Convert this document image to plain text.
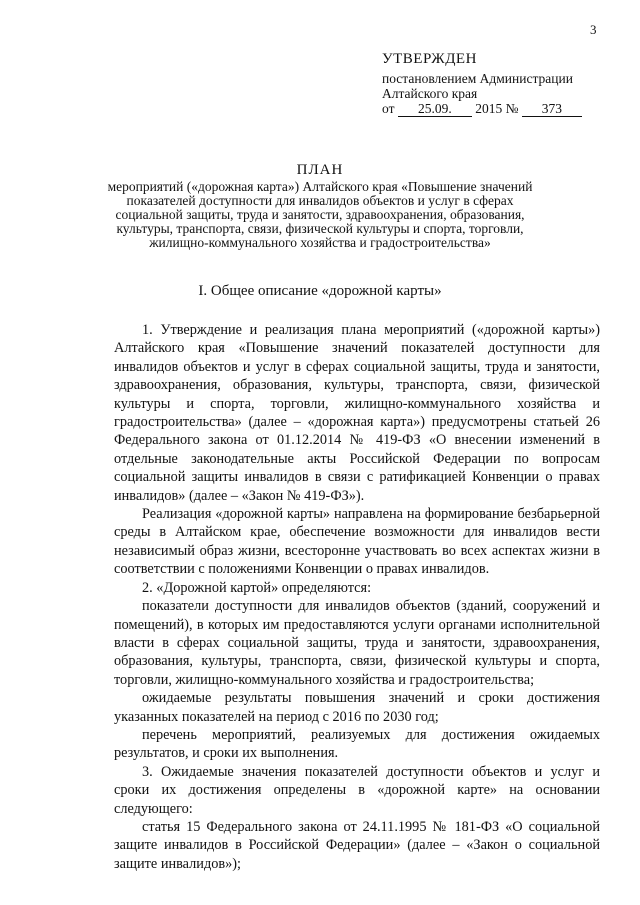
3
УТВЕРЖДЕН
постановлением Администрации
Алтайского края
от 25.09. 2015 № 373
ПЛАН
мероприятий («дорожная карта») Алтайского края «Повышение значений показателей доступности для инвалидов объектов и услуг в сферах социальной защиты, труда и занятости, здравоохранения, образования, культуры, транспорта, связи, физической культуры и спорта, торговли, жилищно-коммунального хозяйства и градостроительства»
I. Общее описание «дорожной карты»

1. Утверждение и реализация плана мероприятий («дорожной карты») Алтайского края «Повышение значений показателей доступности для инвалидов объектов и услуг в сферах социальной защиты, труда и занятости, здравоохранения, образования, культуры, транспорта, связи, физической культуры и спорта, торговли, жилищно-коммунального хозяйства и градостроительства» (далее – «дорожная карта») предусмотрены статьей 26 Федерального закона от 01.12.2014 № 419-ФЗ «О внесении изменений в отдельные законодательные акты Российской Федерации по вопросам социальной защиты инвалидов в связи с ратификацией Конвенции о правах инвалидов» (далее – «Закон № 419-ФЗ»).

Реализация «дорожной карты» направлена на формирование безбарьерной среды в Алтайском крае, обеспечение возможности для инвалидов вести независимый образ жизни, всесторонне участвовать во всех аспектах жизни в соответствии с положениями Конвенции о правах инвалидов.

2. «Дорожной картой» определяются:

показатели доступности для инвалидов объектов (зданий, сооружений и помещений), в которых им предоставляются услуги органами исполнительной власти в сферах социальной защиты, труда и занятости, здравоохранения, образования, культуры, транспорта, связи, физической культуры и спорта, торговли, жилищно-коммунального хозяйства и градостроительства;

ожидаемые результаты повышения значений и сроки достижения указанных показателей на период с 2016 по 2030 год;

перечень мероприятий, реализуемых для достижения ожидаемых результатов, и сроки их выполнения.

3. Ожидаемые значения показателей доступности объектов и услуг и сроки их достижения определены в «дорожной карте» на основании следующего:

статья 15 Федерального закона от 24.11.1995 № 181-ФЗ «О социальной защите инвалидов в Российской Федерации» (далее – «Закон о социальной защите инвалидов»);
